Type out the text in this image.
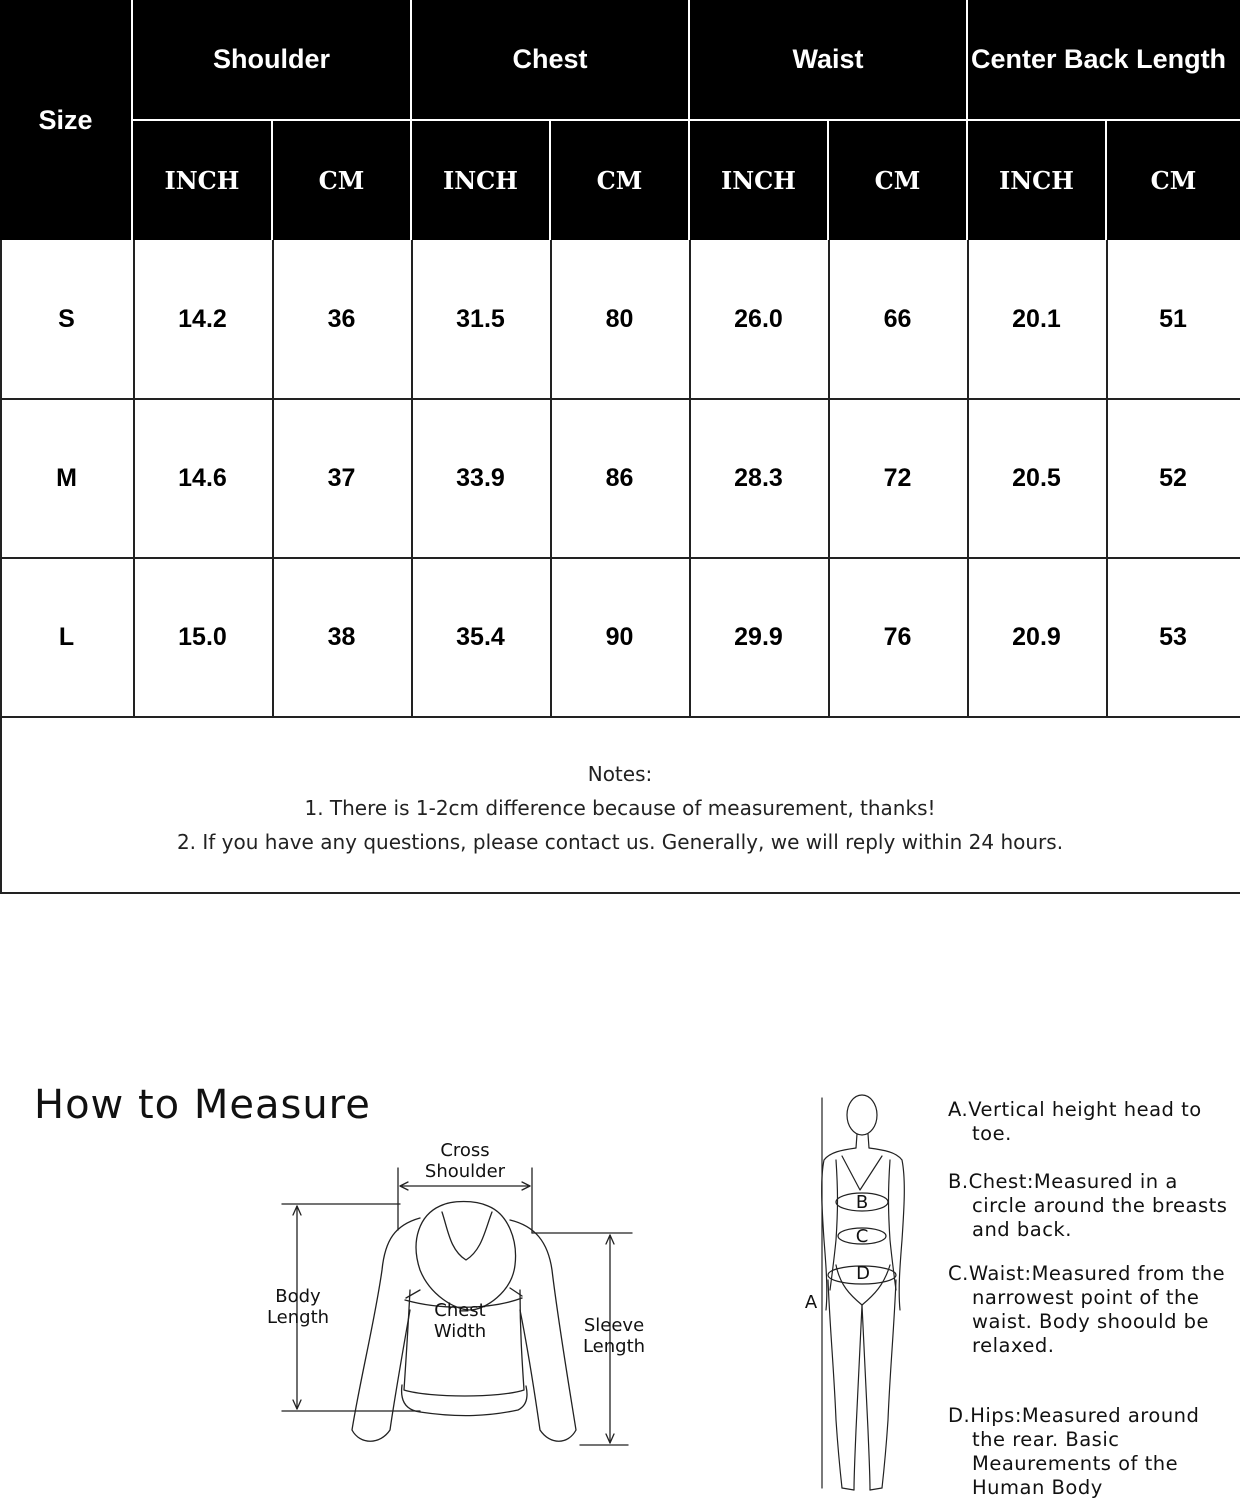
Size
Shoulder	Chest	Waist	Center Back Length
INCH	CM	INCH	CM	INCH	CM	INCH	CM
S	14.2	36	31.5	80	26.0	66	20.1	51
M	14.6	37	33.9	86	28.3	72	20.5	52
L	15.0	38	35.4	90	29.9	76	20.9	53
Notes:
1. There is 1-2cm difference because of measurement, thanks!
2. If you have any questions, please contact us. Generally, we will reply within 24 hours.
How to Measure
Cross
Shoulder
Body
Length	Chest
Width	Sleeve
Length
B
C
D
A
A.Vertical height head to toe.
B.Chest:Measured in a circle around the breasts and back.
C.Waist:Measured from the narrowest point of the waist. Body shoould be relaxed.
D.Hips:Measured around the rear. Basic Meaurements of the Human Body
